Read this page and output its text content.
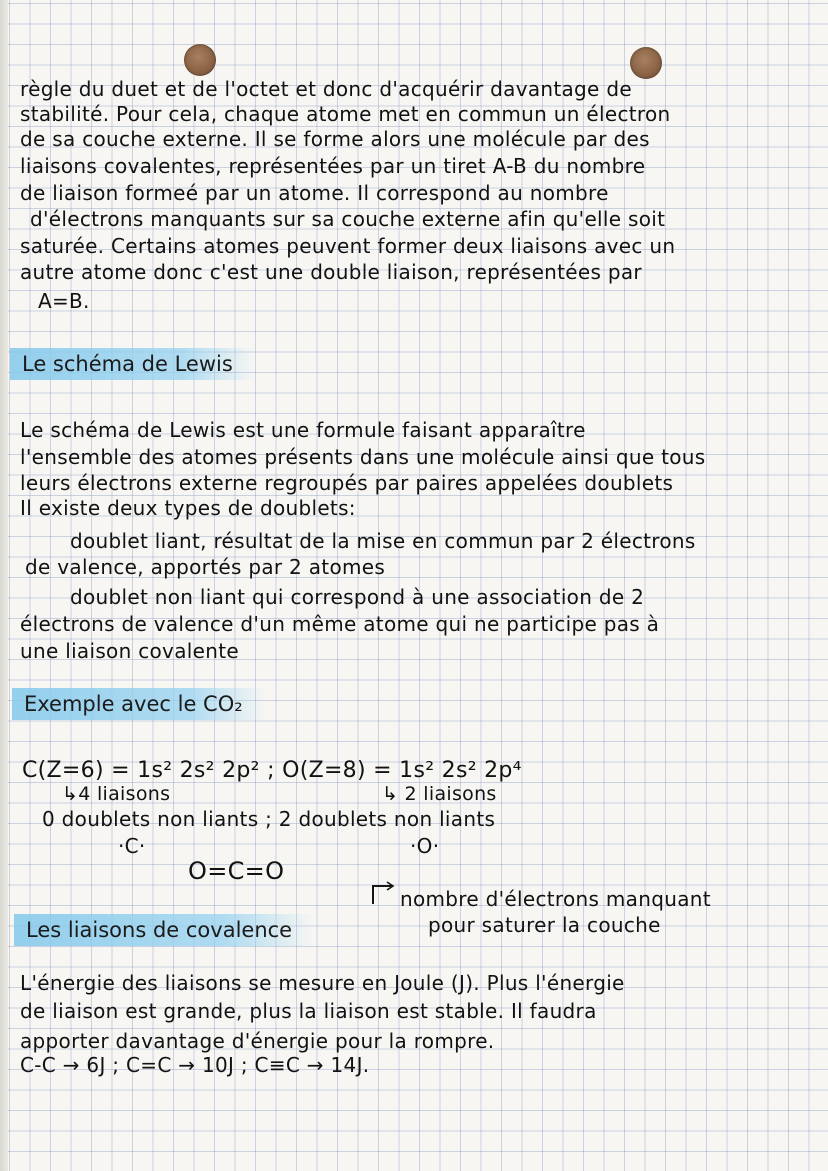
règle du duet et de l'octet et donc d'acquérir davantage de
stabilité. Pour cela, chaque atome met en commun un électron
de sa couche externe. Il se forme alors une molécule par des
liaisons covalentes, représentées par un tiret A-B du nombre
de liaison formeé par un atome. Il correspond au nombre
d'électrons manquants sur sa couche externe afin qu'elle soit
saturée. Certains atomes peuvent former deux liaisons avec un
autre atome donc c'est une double liaison, représentées par
A=B.
Le schéma de Lewis
Le schéma de Lewis est une formule faisant apparaître
l'ensemble des atomes présents dans une molécule ainsi que tous
leurs électrons externe regroupés par paires appelées doublets
Il existe deux types de doublets:
doublet liant, résultat de la mise en commun par 2 électrons
de valence, apportés par 2 atomes
doublet non liant qui correspond à une association de 2
électrons de valence d'un même atome qui ne participe pas à
une liaison covalente
Exemple avec le CO₂
C(Z=6) = 1s² 2s² 2p² ; O(Z=8) = 1s² 2s² 2p⁴
↳4 liaisons	↳ 2 liaisons
0 doublets non liants ; 2 doublets non liants
·C·	·O·
O=C=O
nombre d'électrons manquant
pour saturer la couche
Les liaisons de covalence
L'énergie des liaisons se mesure en Joule (J). Plus l'énergie
de liaison est grande, plus la liaison est stable. Il faudra
apporter davantage d'énergie pour la rompre.
C-C → 6J ; C=C → 10J ; C≡C → 14J.
